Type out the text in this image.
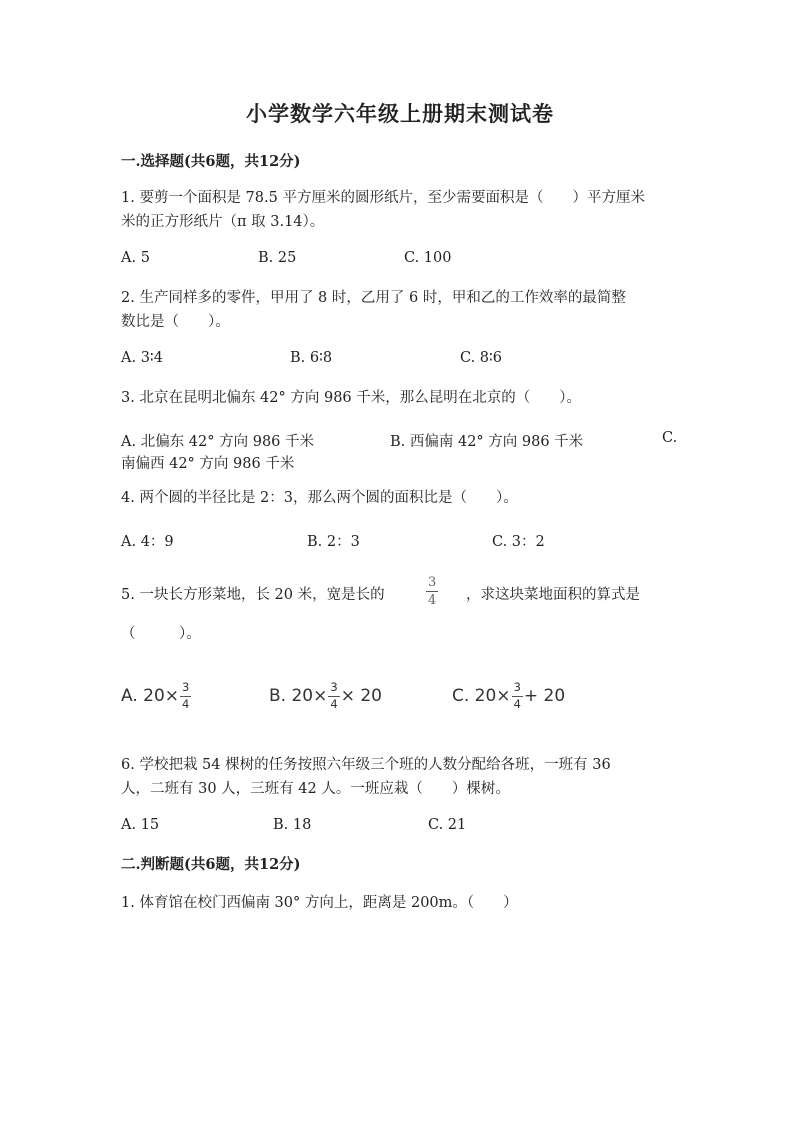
小学数学六年级上册期末测试卷
一.选择题(共6题，共12分)
1. 要剪一个面积是 78.5 平方厘米的圆形纸片，至少需要面积是（　　）平方厘米
米的正方形纸片（π 取 3.14）。
A. 5	B. 25	C. 100
2. 生产同样多的零件，甲用了 8 时，乙用了 6 时，甲和乙的工作效率的最简整
数比是（　　）。
A. 3∶4	B. 6∶8	C. 8∶6
3. 北京在昆明北偏东 42° 方向 986 千米，那么昆明在北京的（　　）。
A. 北偏东 42° 方向 986 千米	B. 西偏南 42° 方向 986 千米	C.
南偏西 42° 方向 986 千米
4. 两个圆的半径比是 2：3，那么两个圆的面积比是（　　）。
A. 4：9	B. 2：3	C. 3：2
5. 一块长方形菜地，长 20 米，宽是长的	$\frac{3}{4}$ ，求这块菜地面积的算式是
（　　　）。
A. $20\times \frac{3}{4}$	B. $20\times \frac{3}{4} \times 20$	C. $20\times \frac{3}{4} + 20$
6. 学校把栽 54 棵树的任务按照六年级三个班的人数分配给各班，一班有 36
人，二班有 30 人，三班有 42 人。一班应栽（　　）棵树。
A. 15	B. 18	C. 21
二.判断题(共6题，共12分)
1. 体育馆在校门西偏南 30° 方向上，距离是 200m。（　　）
